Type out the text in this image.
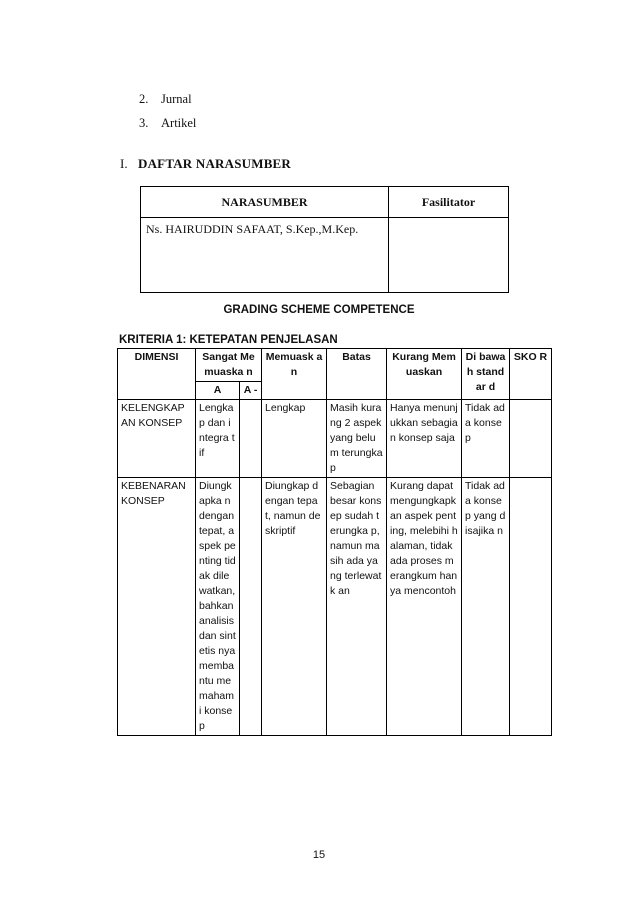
2. Jurnal
3. Artikel
I. DAFTAR NARASUMBER
NARASUMBER	Fasilitator
Ns. HAIRUDDIN SAFAAT, S.Kep.,M.Kep.	
GRADING SCHEME COMPETENCE
KRITERIA 1: KETEPATAN PENJELASAN
DIMENSI	Sangat Memuaska n		Memuask an	Batas	Kurang Memuaskan	Di bawah standar d	SKO R
	A	A -					
KELENGKAP AN KONSEP	Lengka p dan integra tif		Lengkap	Masih kurang 2 aspek yang belum terungka p	Hanya menunjukkan sebagian konsep saja	Tidak ada konsep	
KEBENARAN KONSEP	Diungkapka n dengan tepat, aspek penting tidak dilewatkan, bahkan analisis dan sintetis nya membantu memahami konsep		Diungkap dengan tepat, namun deskriptif	Sebagian besar konsep sudah terungka p, namun masih ada yang terlewatk an	Kurang dapat mengungkapk an aspek penting, melebihi halaman, tidak ada proses merangkum hanya mencontoh	Tidak ada konsep yang disajika n	
15
